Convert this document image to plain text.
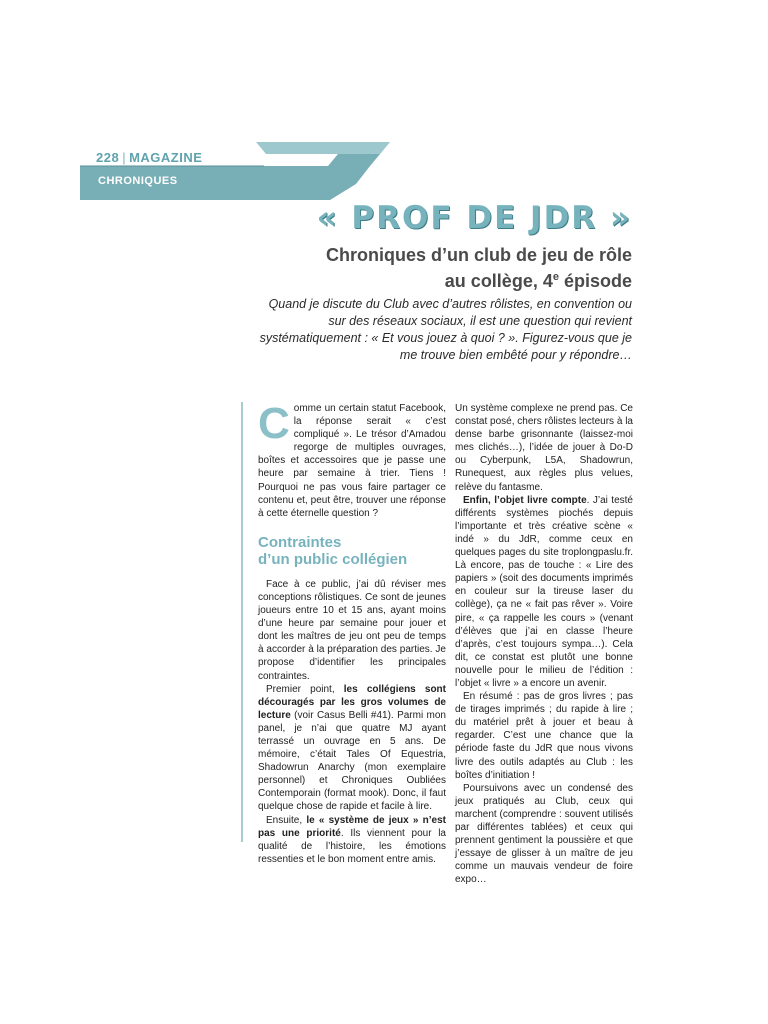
228 | MAGAZINE
CHRONIQUES
« PROF DE JDR »
Chroniques d’un club de jeu de rôle
au collège, 4e épisode
Quand je discute du Club avec d’autres rôlistes, en convention ou sur des réseaux sociaux, il est une question qui revient systématiquement : « Et vous jouez à quoi ? ». Figurez-vous que je me trouve bien embêté pour y répondre…

Comme un certain statut Facebook, la réponse serait « c’est compliqué ». Le trésor d’Amadou regorge de multiples ouvrages, boîtes et accessoires que je passe une heure par semaine à trier. Tiens ! Pourquoi ne pas vous faire partager ce contenu et, peut être, trouver une réponse à cette éternelle question ?

Contraintes
d’un public collégien

Face à ce public, j’ai dû réviser mes conceptions rôlistiques. Ce sont de jeunes joueurs entre 10 et 15 ans, ayant moins d’une heure par semaine pour jouer et dont les maîtres de jeu ont peu de temps à accorder à la préparation des parties. Je propose d’identifier les principales contraintes.

Premier point, les collégiens sont découragés par les gros volumes de lecture (voir Casus Belli #41). Parmi mon panel, je n’ai que quatre MJ ayant terrassé un ouvrage en 5 ans. De mémoire, c’était Tales Of Equestria, Shadowrun Anarchy (mon exemplaire personnel) et Chroniques Oubliées Contemporain (format mook). Donc, il faut quelque chose de rapide et facile à lire.

Ensuite, le « système de jeux » n’est pas une priorité. Ils viennent pour la qualité de l’histoire, les émotions ressenties et le bon moment entre amis.

Un système complexe ne prend pas. Ce constat posé, chers rôlistes lecteurs à la dense barbe grisonnante (laissez-moi mes clichés…), l’idée de jouer à Do-D ou Cyberpunk, L5A, Shadowrun, Runequest, aux règles plus velues, relève du fantasme.

Enfin, l’objet livre compte. J’ai testé différents systèmes piochés depuis l’importante et très créative scène « indé » du JdR, comme ceux en quelques pages du site troplongpaslu.fr. Là encore, pas de touche : « Lire des papiers » (soit des documents imprimés en couleur sur la tireuse laser du collège), ça ne « fait pas rêver ». Voire pire, « ça rappelle les cours » (venant d’élèves que j’ai en classe l’heure d’après, c’est toujours sympa…). Cela dit, ce constat est plutôt une bonne nouvelle pour le milieu de l’édition : l’objet « livre » a encore un avenir.

En résumé : pas de gros livres ; pas de tirages imprimés ; du rapide à lire ; du matériel prêt à jouer et beau à regarder. C’est une chance que la période faste du JdR que nous vivons livre des outils adaptés au Club : les boîtes d’initiation !

Poursuivons avec un condensé des jeux pratiqués au Club, ceux qui marchent (comprendre : souvent utilisés par différentes tablées) et ceux qui prennent gentiment la poussière et que j’essaye de glisser à un maître de jeu comme un mauvais vendeur de foire expo…
